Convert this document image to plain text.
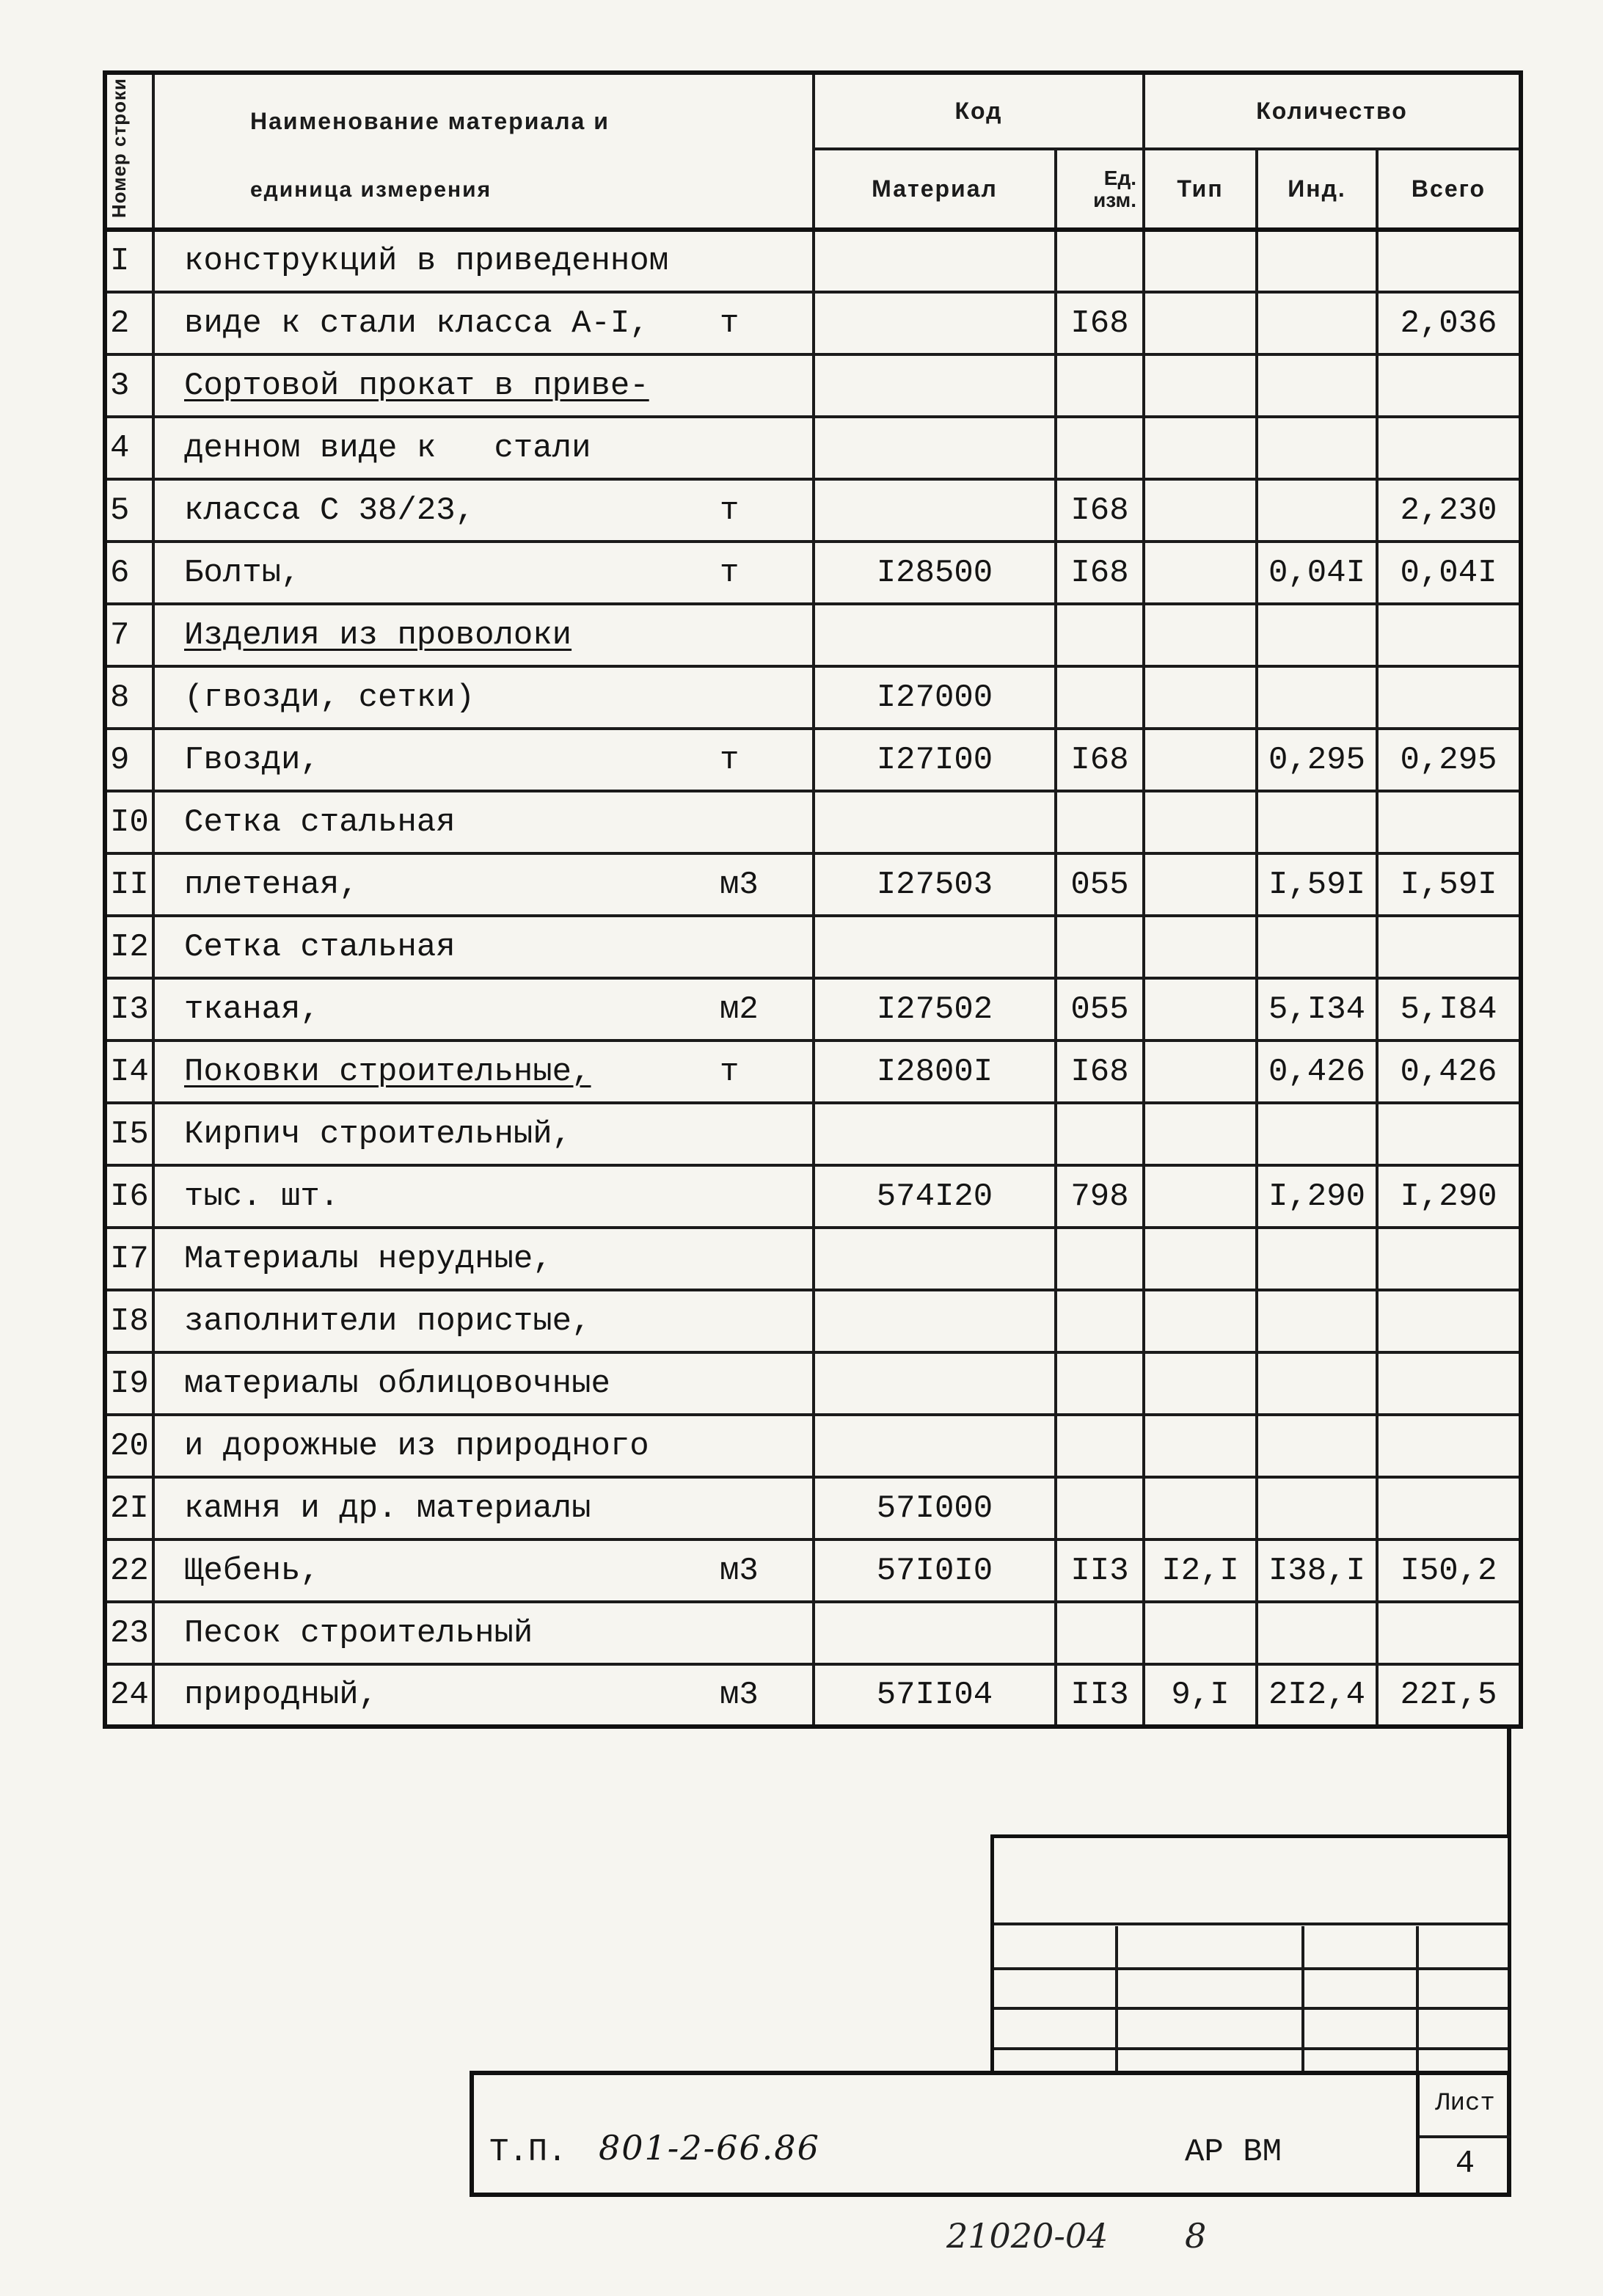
Номер строки	Наименование материала и
единица измерения	Код		Количество		
		Материал	Ед. изм.	Тип	Инд.	Всего
I	конструкций в приведенном

2	виде к стали класса А-I, т		I68			2,036
3	Сортовой прокат в приве-

4	денном виде к   стали

5	класса С 38/23, т		I68			2,230
6	Болты, т	I28500	I68		0,04I	0,04I
7	Изделия из проволоки

8	(гвозди, сетки)	I27000				
9	Гвозди, т	I27I00	I68		0,295	0,295
I0	Сетка стальная

II	плетеная, м3	I27503	055		I,59I	I,59I
I2	Сетка стальная

I3	тканая, м2	I27502	055		5,I34	5,I84
I4	Поковки строительные, т	I2800I	I68		0,426	0,426
I5	Кирпич строительный,

I6	тыс. шт.	574I20	798		I,290	I,290
I7	Материалы нерудные,

I8	заполнители пористые,

I9	материалы облицовочные

20	и дорожные из природного

2I	камня и др. материалы	57I000				
22	Щебень, м3	57I0I0	II3	I2,I	I38,I	I50,2
23	Песок строительный

24	природный, м3	57II04	II3	9,I	2I2,4	22I,5
Т.П. 801-2-66.86	АР ВМ
Лист
4
21020-04 8
